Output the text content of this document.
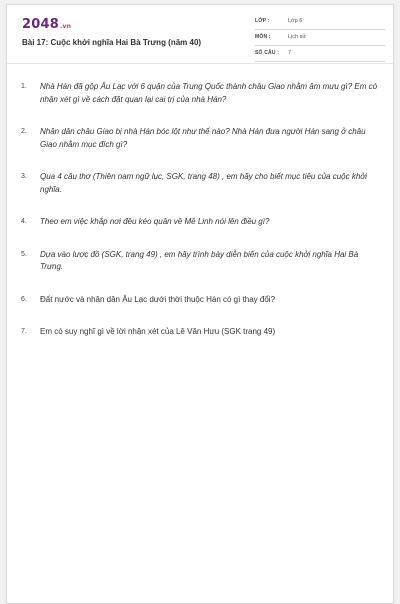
2048.vn
Bài 17: Cuộc khởi nghĩa Hai Bà Trưng (năm 40)
LỚP :	Lớp 6
MÔN :	Lịch sử
SỐ CÂU : 7
1. Nhà Hán đã gộp Âu Lạc với 6 quận của Trung Quốc thành châu Giao nhằm âm mưu gì? Em có nhận xét gì về cách đặt quan lại cai trị của nhà Hán?
2. Nhân dân châu Giao bị nhà Hán bóc lột như thế nào? Nhà Hán đưa người Hán sang ở châu Giao nhằm mục đích gì?
3. Qua 4 câu thơ (Thiên nam ngữ lục, SGK, trang 48) , em hãy cho biết mục tiêu của cuộc khởi nghĩa.
4. Theo em việc khắp nơi đều kéo quân về Mê Linh nói lên điều gì?
5. Dựa vào lược đồ (SGK, trang 49) , em hãy trình bày diễn biến của cuộc khởi nghĩa Hai Bà Trưng.
6. Đất nước và nhân dân Âu Lạc dưới thời thuộc Hán có gì thay đổi?
7. Em có suy nghĩ gì về lời nhận xét của Lê Văn Hưu (SGK trang 49)
